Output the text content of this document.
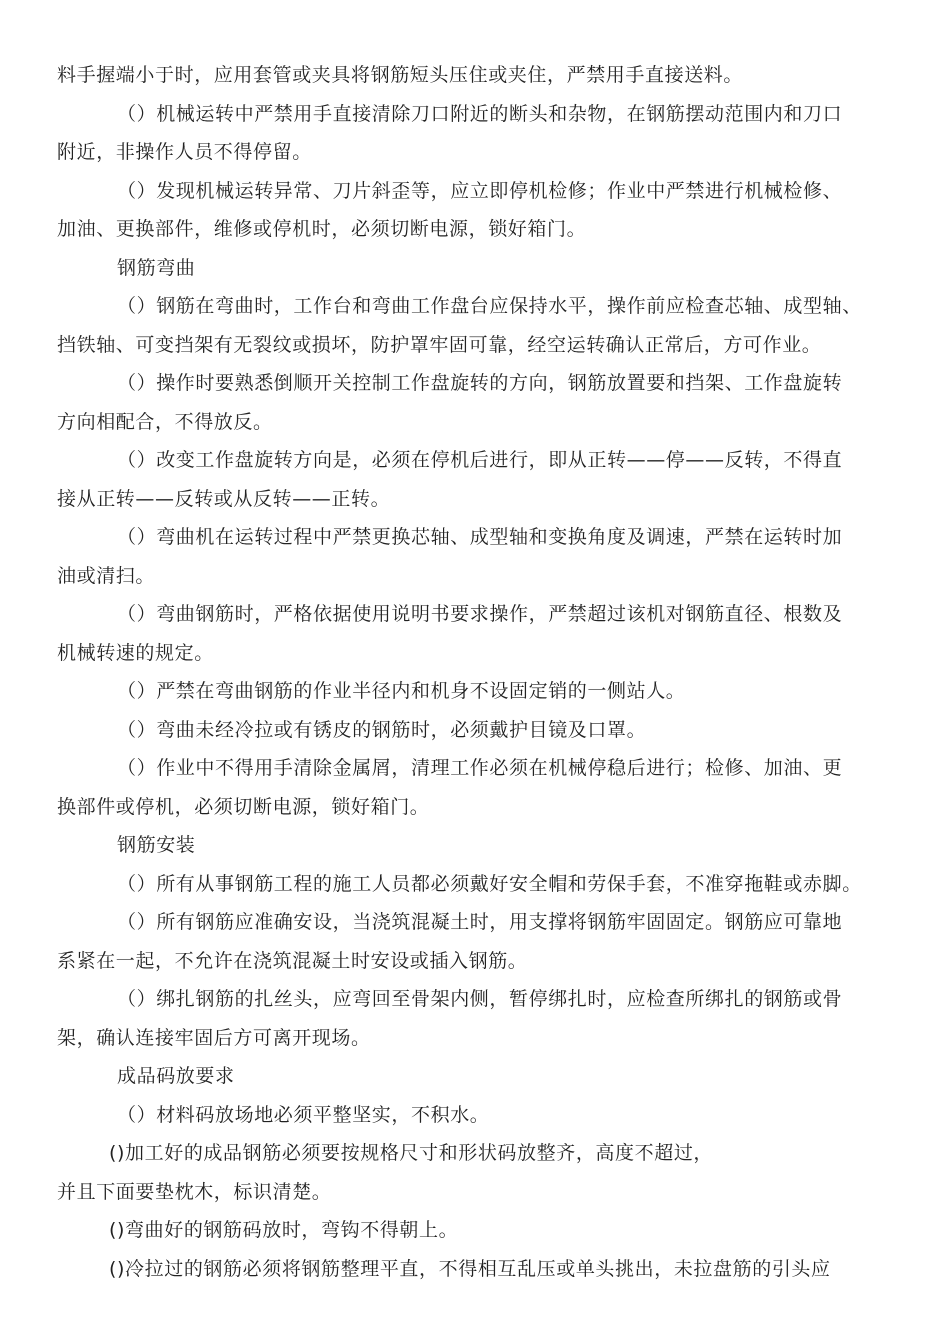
料手握端小于时，应用套管或夹具将钢筋短头压住或夹住，严禁用手直接送料。
（）机械运转中严禁用手直接清除刀口附近的断头和杂物，在钢筋摆动范围内和刀口
附近，非操作人员不得停留。
（）发现机械运转异常、刀片斜歪等，应立即停机检修；作业中严禁进行机械检修、
加油、更换部件，维修或停机时，必须切断电源，锁好箱门。
钢筋弯曲
（）钢筋在弯曲时，工作台和弯曲工作盘台应保持水平，操作前应检查芯轴、成型轴、
挡铁轴、可变挡架有无裂纹或损坏，防护罩牢固可靠，经空运转确认正常后，方可作业。
（）操作时要熟悉倒顺开关控制工作盘旋转的方向，钢筋放置要和挡架、工作盘旋转
方向相配合，不得放反。
（）改变工作盘旋转方向是，必须在停机后进行，即从正转——停——反转，不得直
接从正转——反转或从反转——正转。
（）弯曲机在运转过程中严禁更换芯轴、成型轴和变换角度及调速，严禁在运转时加
油或清扫。
（）弯曲钢筋时，严格依据使用说明书要求操作，严禁超过该机对钢筋直径、根数及
机械转速的规定。
（）严禁在弯曲钢筋的作业半径内和机身不设固定销的一侧站人。
（）弯曲未经冷拉或有锈皮的钢筋时，必须戴护目镜及口罩。
（）作业中不得用手清除金属屑，清理工作必须在机械停稳后进行；检修、加油、更
换部件或停机，必须切断电源，锁好箱门。
钢筋安装
（）所有从事钢筋工程的施工人员都必须戴好安全帽和劳保手套，不准穿拖鞋或赤脚。
（）所有钢筋应准确安设，当浇筑混凝土时，用支撑将钢筋牢固固定。钢筋应可靠地
系紧在一起，不允许在浇筑混凝土时安设或插入钢筋。
（）绑扎钢筋的扎丝头，应弯回至骨架内侧，暂停绑扎时，应检查所绑扎的钢筋或骨
架，确认连接牢固后方可离开现场。
成品码放要求
（）材料码放场地必须平整坚实，不积水。
()加工好的成品钢筋必须要按规格尺寸和形状码放整齐，高度不超过，
并且下面要垫枕木，标识清楚。
()弯曲好的钢筋码放时，弯钩不得朝上。
()冷拉过的钢筋必须将钢筋整理平直，不得相互乱压或单头挑出，未拉盘筋的引头应
